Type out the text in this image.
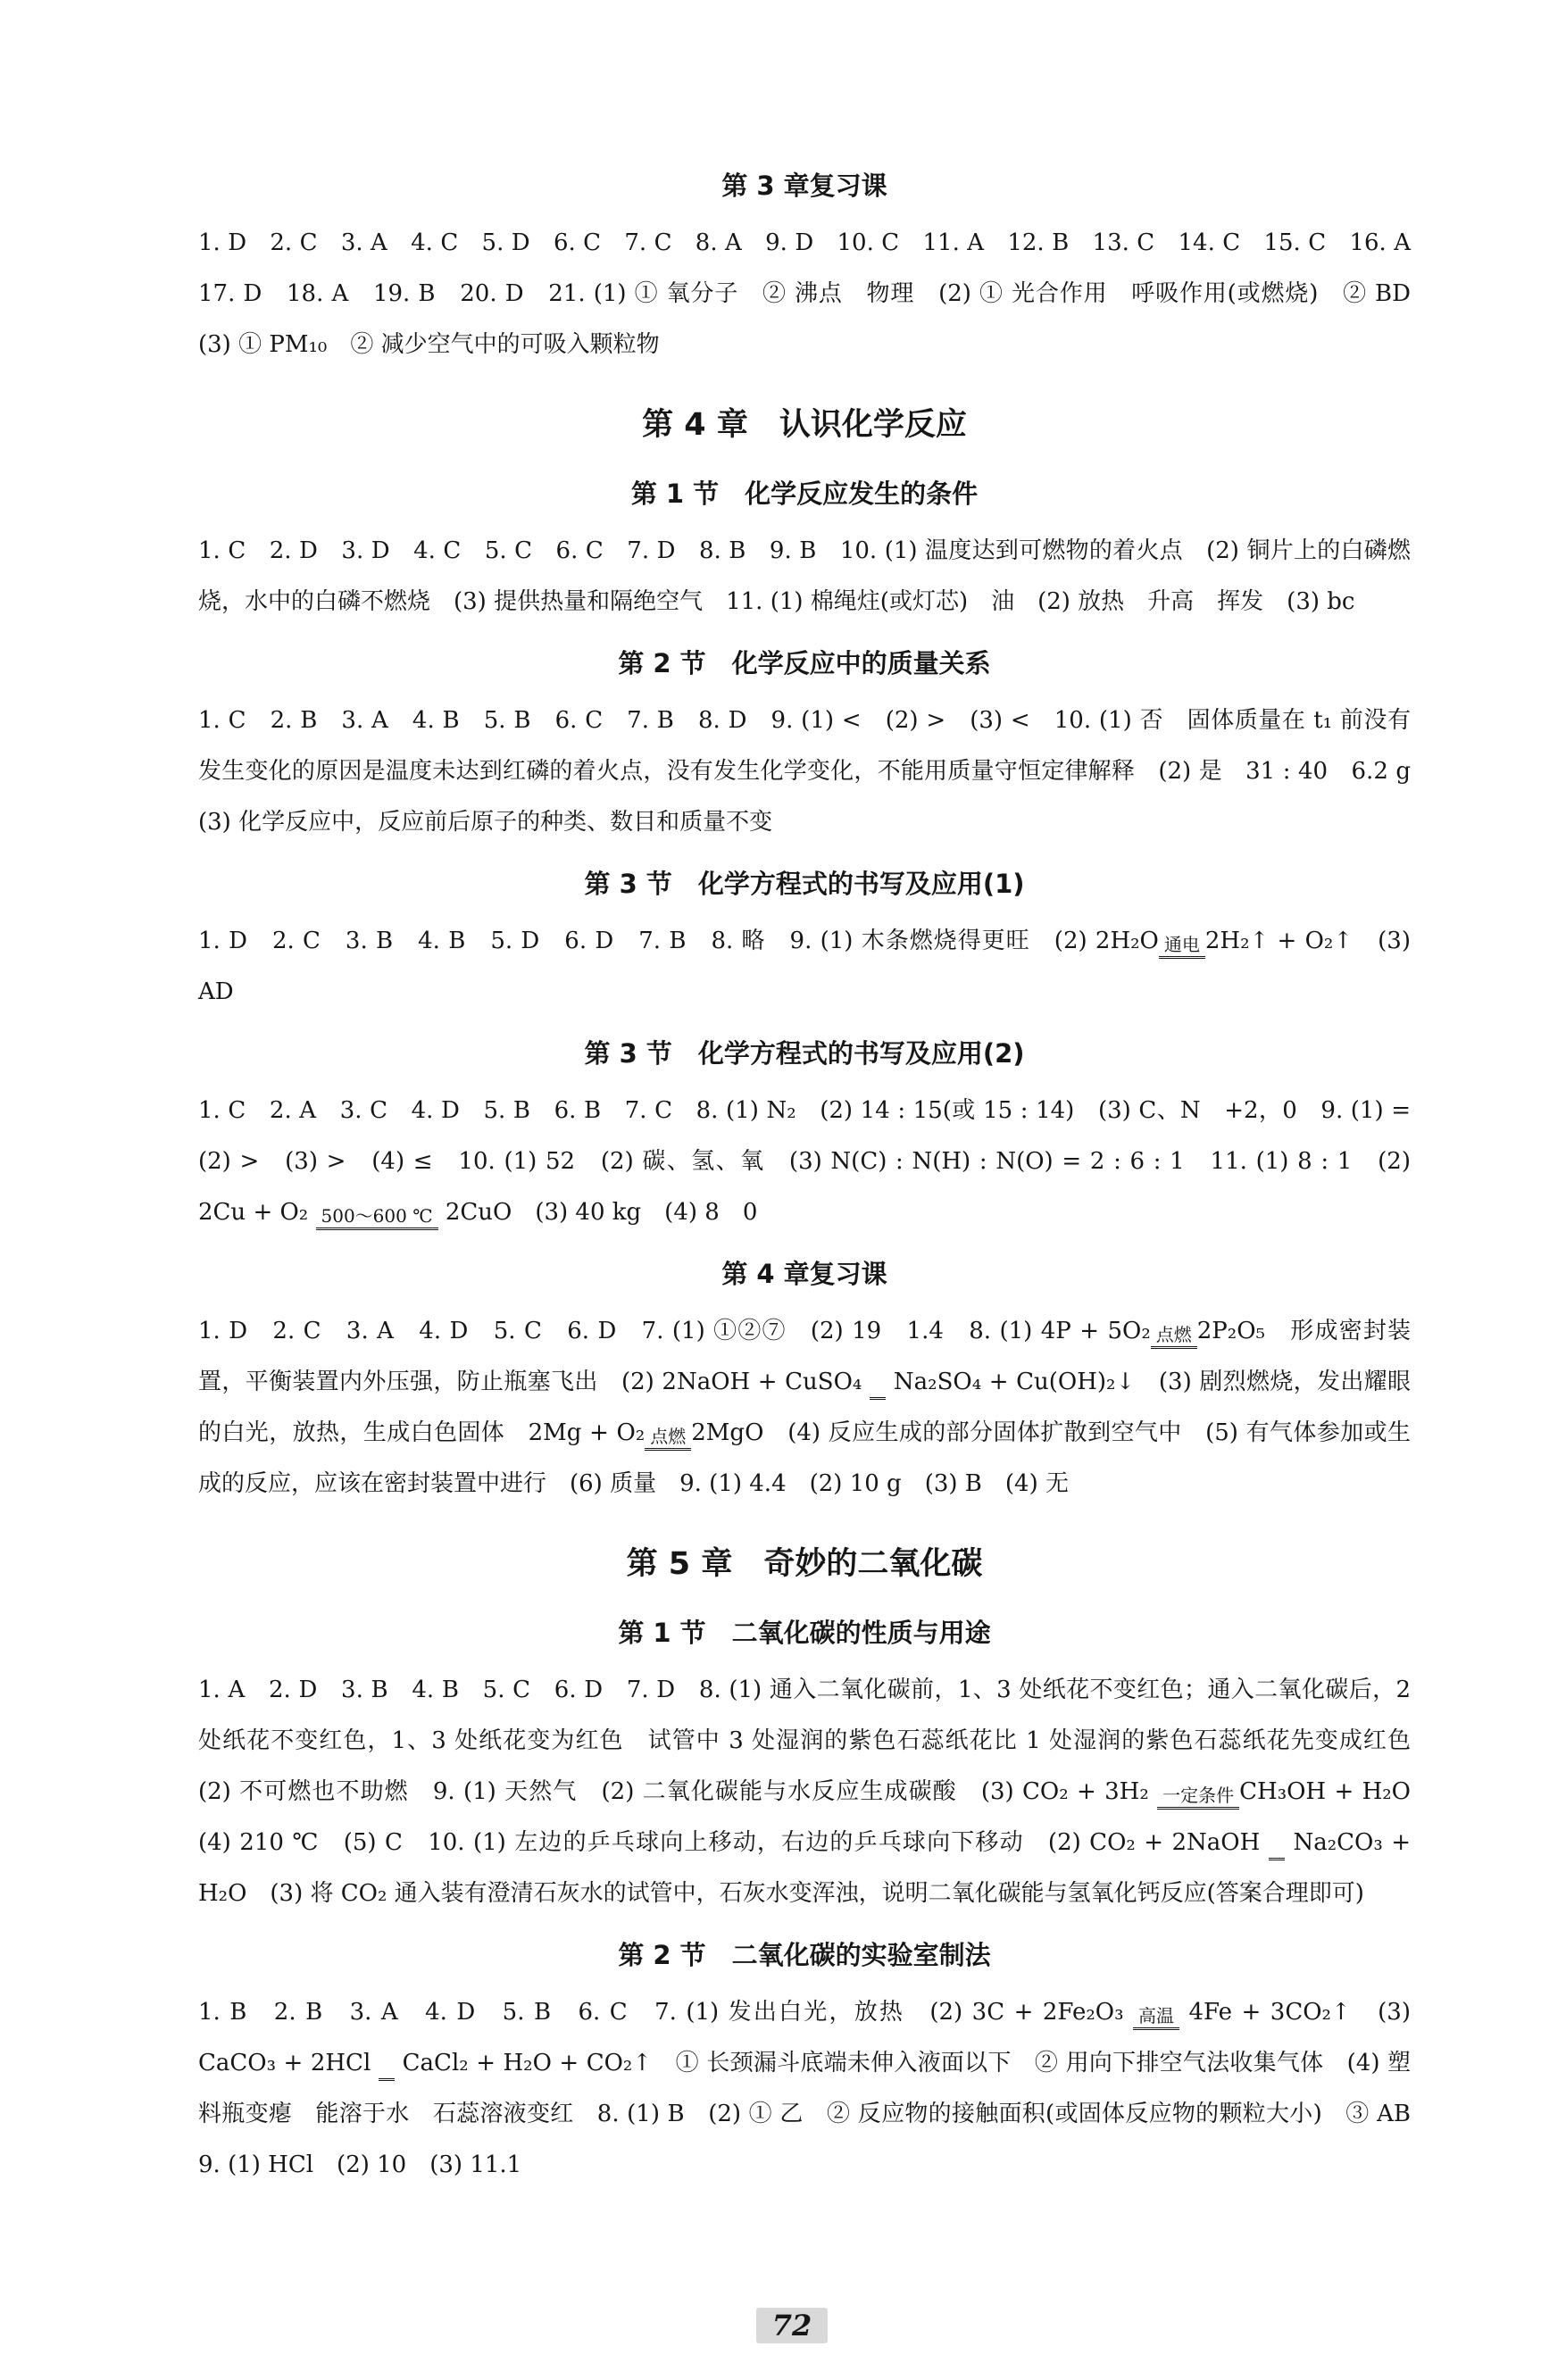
第 3 章复习课
1. D　2. C　3. A　4. C　5. D　6. C　7. C　8. A　9. D　10. C　11. A　12. B　13. C　14. C　15. C　16. A　17. D　18. A　19. B　20. D　21. (1) ① 氧分子　② 沸点　物理　(2) ① 光合作用　呼吸作用(或燃烧)　② BD　(3) ① PM₁₀　② 减少空气中的可吸入颗粒物
第 4 章　认识化学反应
第 1 节　化学反应发生的条件
1. C　2. D　3. D　4. C　5. C　6. C　7. D　8. B　9. B　10. (1) 温度达到可燃物的着火点　(2) 铜片上的白磷燃烧，水中的白磷不燃烧　(3) 提供热量和隔绝空气　11. (1) 棉绳炷(或灯芯)　油　(2) 放热　升高　挥发　(3) bc
第 2 节　化学反应中的质量关系
1. C　2. B　3. A　4. B　5. B　6. C　7. B　8. D　9. (1) <　(2) >　(3) <　10. (1) 否　固体质量在 t₁ 前没有发生变化的原因是温度未达到红磷的着火点，没有发生化学变化，不能用质量守恒定律解释　(2) 是　31 : 40　6.2 g　(3) 化学反应中，反应前后原子的种类、数目和质量不变
第 3 节　化学方程式的书写及应用(1)
1. D　2. C　3. B　4. B　5. D　6. D　7. B　8. 略　9. (1) 木条燃烧得更旺　(2) 2H₂O 通电 2H₂↑ + O₂↑　(3) AD
第 3 节　化学方程式的书写及应用(2)
1. C　2. A　3. C　4. D　5. B　6. B　7. C　8. (1) N₂　(2) 14 : 15(或 15 : 14)　(3) C、N　+2，0　9. (1) =　(2) >　(3) >　(4) ≤　10. (1) 52　(2) 碳、氢、氧　(3) N(C) : N(H) : N(O) = 2 : 6 : 1　11. (1) 8 : 1　(2) 2Cu + O₂ 500～600 ℃ 2CuO　(3) 40 kg　(4) 8　0
第 4 章复习课
1. D　2. C　3. A　4. D　5. C　6. D　7. (1) ①②⑦　(2) 19　1.4　8. (1) 4P + 5O₂ 点燃 2P₂O₅　形成密封装置，平衡装置内外压强，防止瓶塞飞出　(2) 2NaOH + CuSO₄

Na₂SO₄ + Cu(OH)₂↓　(3) 剧烈燃烧，发出耀眼的白光，放热，生成白色固体　2Mg + O₂ 点燃 2MgO　(4) 反应生成的部分固体扩散到空气中　(5) 有气体参加或生成的反应，应该在密封装置中进行　(6) 质量　9. (1) 4.4　(2) 10 g　(3) B　(4) 无
第 5 章　奇妙的二氧化碳
第 1 节　二氧化碳的性质与用途
1. A　2. D　3. B　4. B　5. C　6. D　7. D　8. (1) 通入二氧化碳前，1、3 处纸花不变红色；通入二氧化碳后，2 处纸花不变红色，1、3 处纸花变为红色　试管中 3 处湿润的紫色石蕊纸花比 1 处湿润的紫色石蕊纸花先变成红色　(2) 不可燃也不助燃　9. (1) 天然气　(2) 二氧化碳能与水反应生成碳酸　(3) CO₂ + 3H₂ 一定条件 CH₃OH + H₂O　(4) 210 ℃　(5) C　10. (1) 左边的乒乓球向上移动，右边的乒乓球向下移动　(2) CO₂ + 2NaOH

Na₂CO₃ + H₂O　(3) 将 CO₂ 通入装有澄清石灰水的试管中，石灰水变浑浊，说明二氧化碳能与氢氧化钙反应(答案合理即可)
第 2 节　二氧化碳的实验室制法
1. B　2. B　3. A　4. D　5. B　6. C　7. (1) 发出白光，放热　(2) 3C + 2Fe₂O₃ 高温 4Fe + 3CO₂↑　(3) CaCO₃ + 2HCl

CaCl₂ + H₂O + CO₂↑　① 长颈漏斗底端未伸入液面以下　② 用向下排空气法收集气体　(4) 塑料瓶变瘪　能溶于水　石蕊溶液变红　8. (1) B　(2) ① 乙　② 反应物的接触面积(或固体反应物的颗粒大小)　③ AB　9. (1) HCl　(2) 10　(3) 11.1
72
